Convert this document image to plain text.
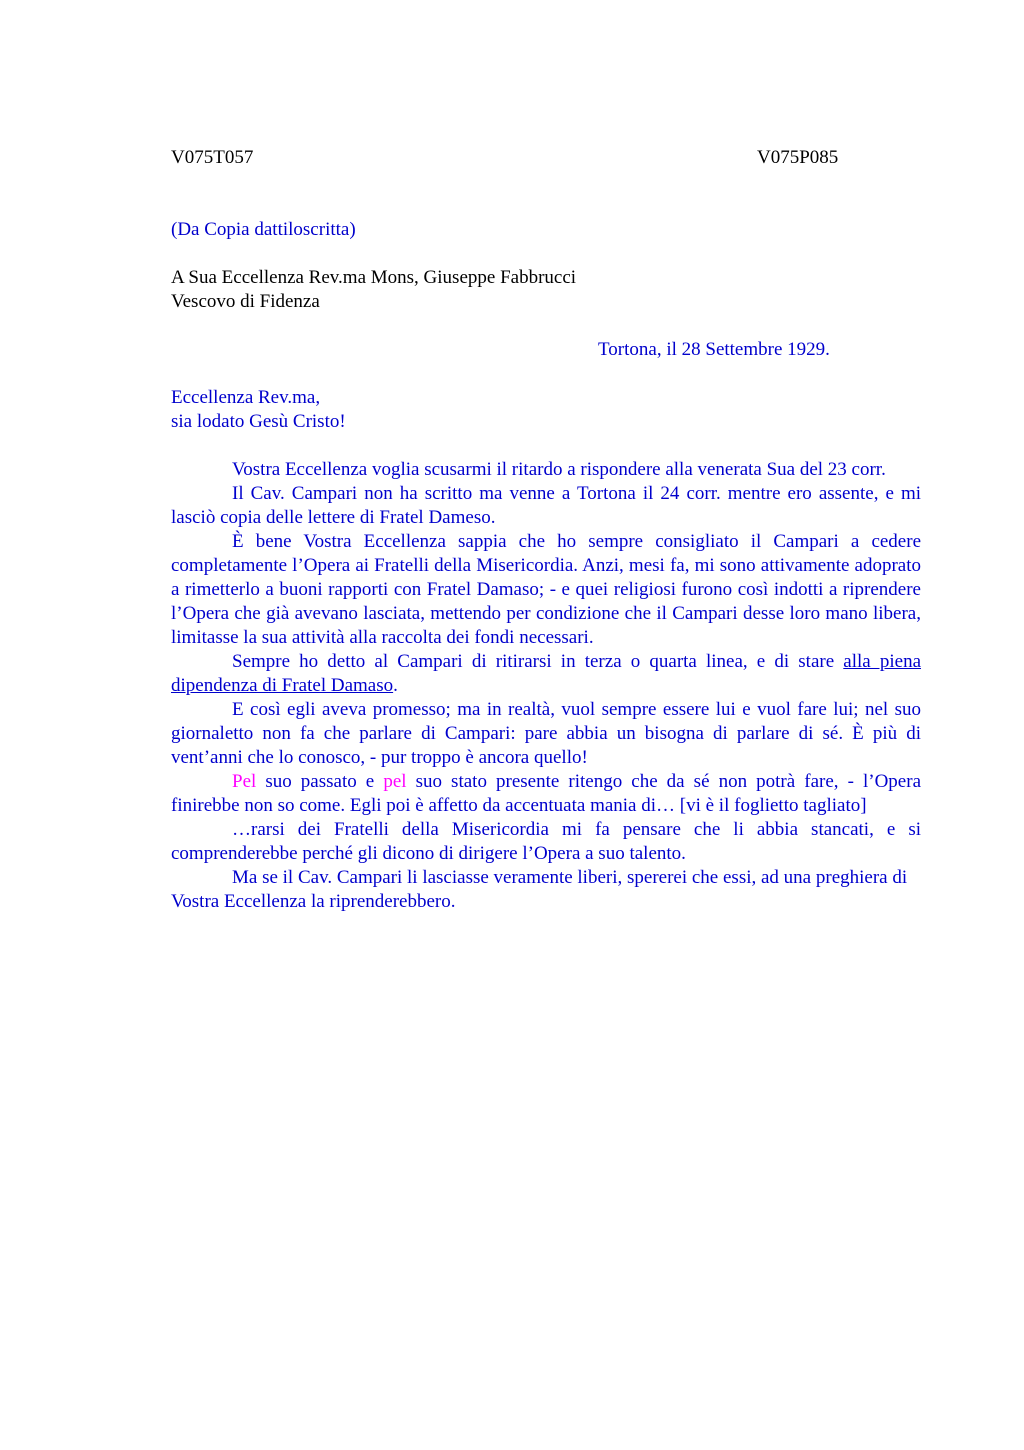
V075T057	V075P085

(Da Copia dattiloscritta)

A Sua Eccellenza Rev.ma Mons, Giuseppe Fabbrucci

Vescovo di Fidenza

Tortona, il 28 Settembre 1929.

Eccellenza Rev.ma,

sia lodato Gesù Cristo!

Vostra Eccellenza voglia scusarmi il ritardo a rispondere alla venerata Sua del 23 corr.

Il Cav. Campari non ha scritto ma venne a Tortona il 24 corr. mentre ero assente, e mi lasciò copia delle lettere di Fratel Dameso.

È bene Vostra Eccellenza sappia che ho sempre consigliato il Campari a cedere completamente l’Opera ai Fratelli della Misericordia. Anzi, mesi fa, mi sono attivamente adoprato a rimetterlo a buoni rapporti con Fratel Damaso; - e quei religiosi furono così indotti a riprendere l’Opera che già avevano lasciata, mettendo per condizione che il Campari desse loro mano libera, limitasse la sua attività alla raccolta dei fondi necessari.

Sempre ho detto al Campari di ritirarsi in terza o quarta linea, e di stare alla piena dipendenza di Fratel Damaso.

E così egli aveva promesso; ma in realtà, vuol sempre essere lui e vuol fare lui; nel suo giornaletto non fa che parlare di Campari: pare abbia un bisogna di parlare di sé. È più di vent’anni che lo conosco, - pur troppo è ancora quello!

Pel suo passato e pel suo stato presente ritengo che da sé non potrà fare, - l’Opera finirebbe non so come. Egli poi è affetto da accentuata mania di… [vi è il foglietto tagliato]

…rarsi dei Fratelli della Misericordia mi fa pensare che li abbia stancati, e si comprenderebbe perché gli dicono di dirigere l’Opera a suo talento.

Ma se il Cav. Campari li lasciasse veramente liberi, spererei che essi, ad una preghiera di Vostra Eccellenza la riprenderebbero.
